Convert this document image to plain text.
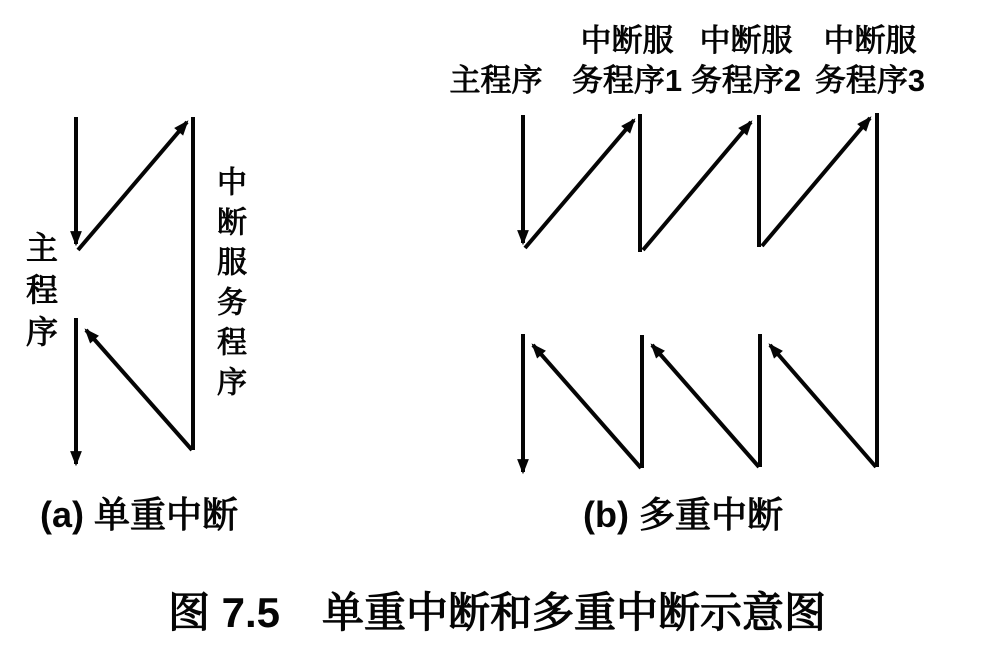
主程序	中断服务程序
(a) 单重中断
主程序
中断服
务程序1
中断服
务程序2
中断服
务程序3
(b) 多重中断
图 7.5 单重中断和多重中断示意图
